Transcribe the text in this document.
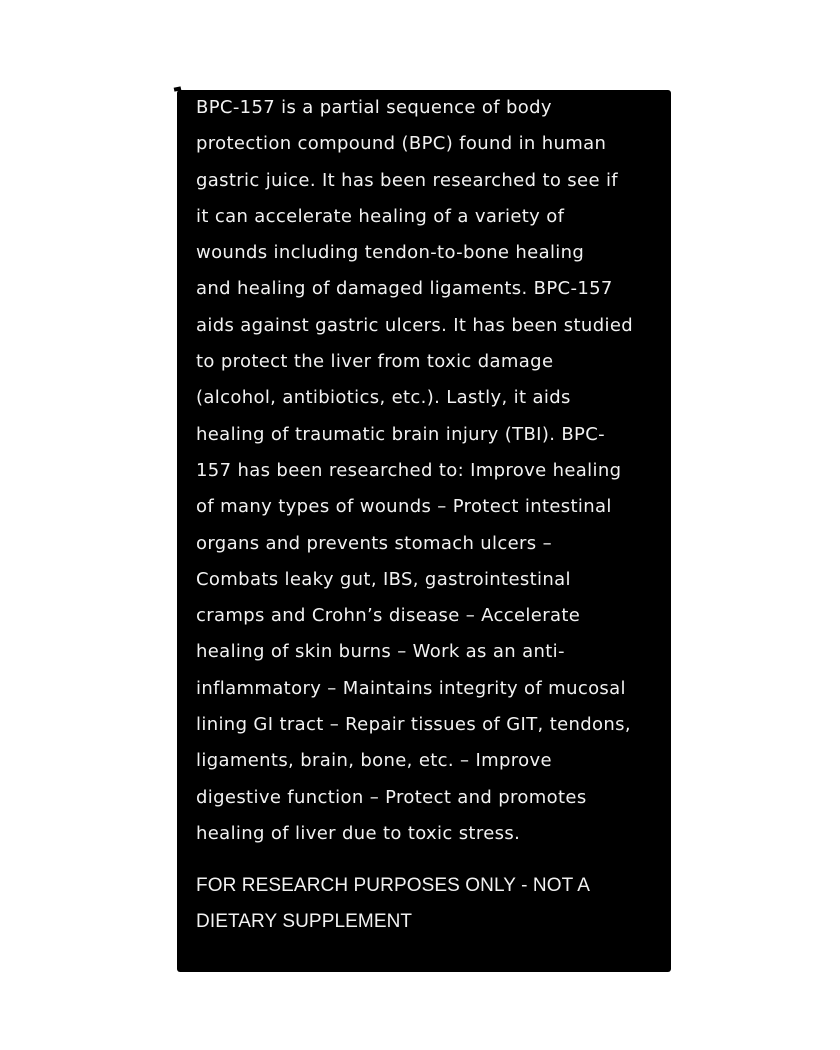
BPC-157 is a partial sequence of body
protection compound (BPC) found in human
gastric juice. It has been researched to see if
it can accelerate healing of a variety of
wounds including tendon-to-bone healing
and healing of damaged ligaments. BPC-157
aids against gastric ulcers. It has been studied
to protect the liver from toxic damage
(alcohol, antibiotics, etc.). Lastly, it aids
healing of traumatic brain injury (TBI). BPC-
157 has been researched to: Improve healing
of many types of wounds – Protect intestinal
organs and prevents stomach ulcers –
Combats leaky gut, IBS, gastrointestinal
cramps and Crohn’s disease – Accelerate
healing of skin burns – Work as an anti-
inflammatory – Maintains integrity of mucosal
lining GI tract – Repair tissues of GIT, tendons,
ligaments, brain, bone, etc. – Improve
digestive function – Protect and promotes
healing of liver due to toxic stress.

FOR RESEARCH PURPOSES ONLY - NOT A
DIETARY SUPPLEMENT
